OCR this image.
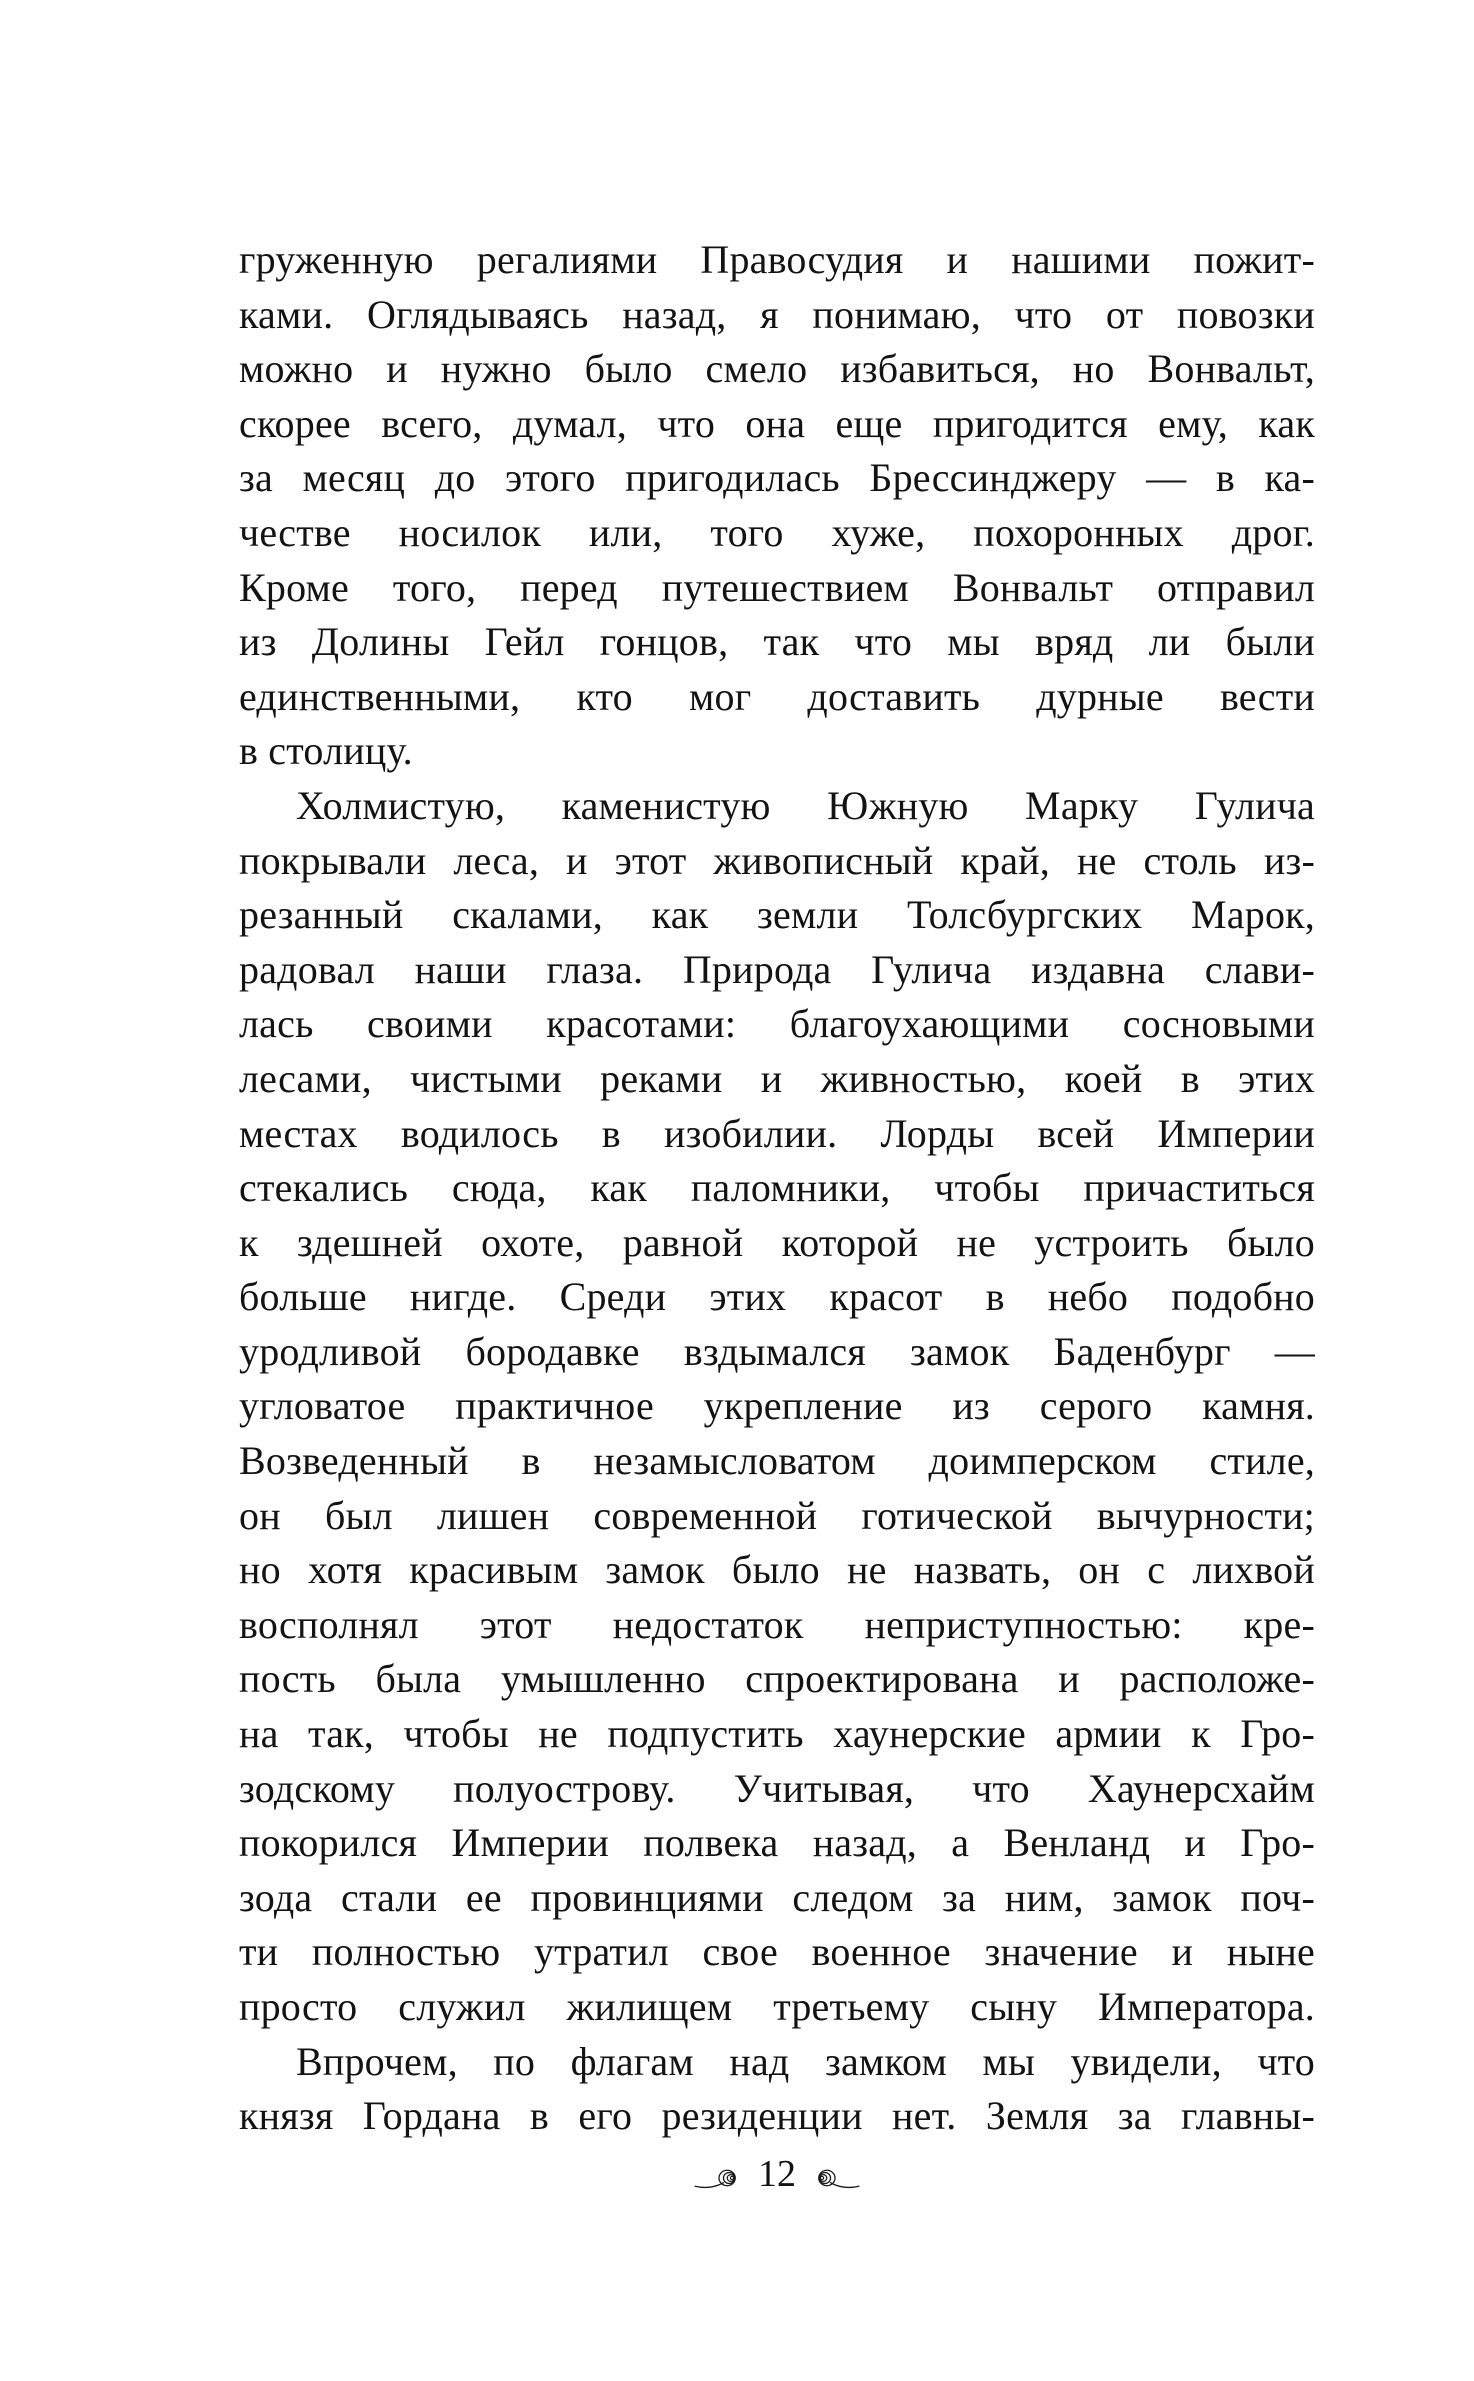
груженную регалиями Правосудия и нашими пожит-
ками. Оглядываясь назад, я понимаю, что от повозки
можно и нужно было смело избавиться, но Вонвальт,
скорее всего, думал, что она еще пригодится ему, как
за месяц до этого пригодилась Брессинджеру — в ка-
честве носилок или, того хуже, похоронных дрог.
Кроме того, перед путешествием Вонвальт отправил
из Долины Гейл гонцов, так что мы вряд ли были
единственными, кто мог доставить дурные вести
в столицу.
Холмистую, каменистую Южную Марку Гулича
покрывали леса, и этот живописный край, не столь из-
резанный скалами, как земли Толсбургских Марок,
радовал наши глаза. Природа Гулича издавна слави-
лась своими красотами: благоухающими сосновыми
лесами, чистыми реками и живностью, коей в этих
местах водилось в изобилии. Лорды всей Империи
стекались сюда, как паломники, чтобы причаститься
к здешней охоте, равной которой не устроить было
больше нигде. Среди этих красот в небо подобно
уродливой бородавке вздымался замок Баденбург —
угловатое практичное укрепление из серого камня.
Возведенный в незамысловатом доимперском стиле,
он был лишен современной готической вычурности;
но хотя красивым замок было не назвать, он с лихвой
восполнял этот недостаток неприступностью: кре-
пость была умышленно спроектирована и расположе-
на так, чтобы не подпустить хаунерские армии к Гро-
зодскому полуострову. Учитывая, что Хаунерсхайм
покорился Империи полвека назад, а Венланд и Гро-
зода стали ее провинциями следом за ним, замок поч-
ти полностью утратил свое военное значение и ныне
просто служил жилищем третьему сыну Императора.
Впрочем, по флагам над замком мы увидели, что
князя Гордана в его резиденции нет. Земля за главны-
12
